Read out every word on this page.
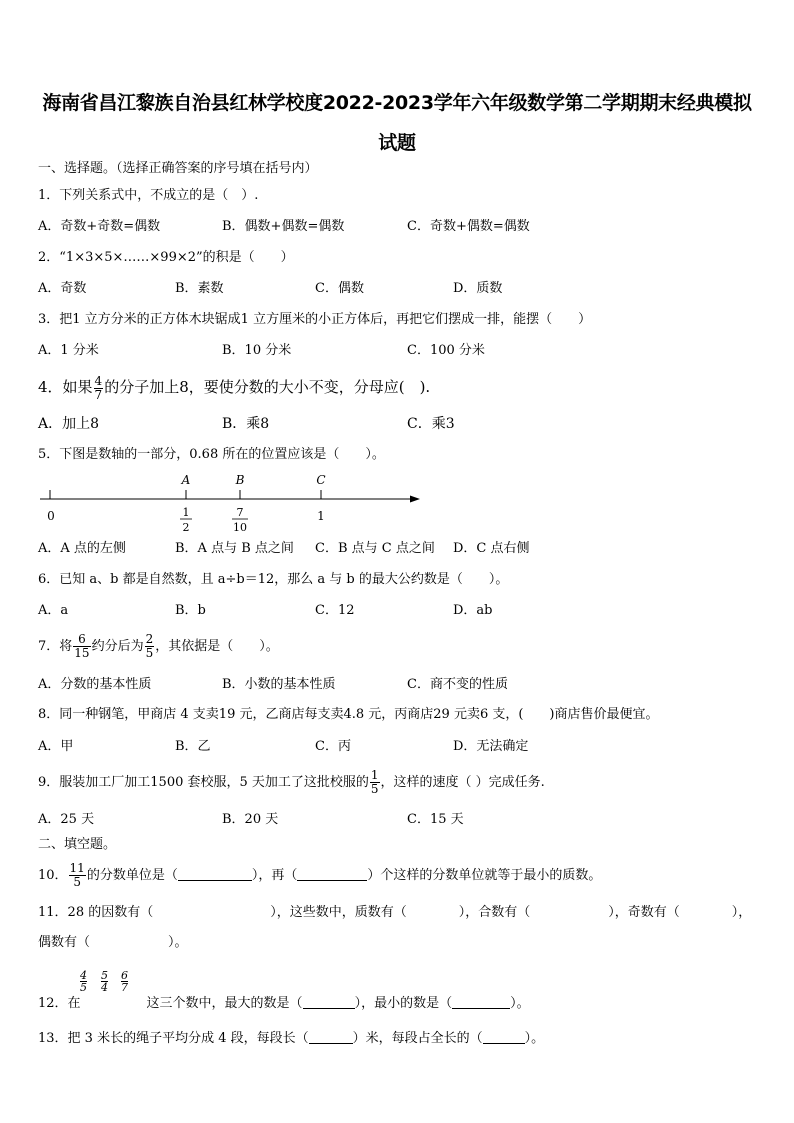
海南省昌江黎族自治县红林学校度2022-2023学年六年级数学第二学期期末经典模拟
试题
一、选择题。（选择正确答案的序号填在括号内）
1．下列关系式中，不成立的是（　）.
A．奇数+奇数=偶数	B．偶数+偶数=偶数	C．奇数+偶数=偶数
2．“1×3×5×……×99×2”的积是（　　）
A．奇数	B．素数	C．偶数	D．质数
3．把1 立方分米的正方体木块锯成1 立方厘米的小正方体后，再把它们摆成一排，能摆（　　）
A．1 分米	B．10 分米	C．100 分米
4．如果 $\frac{4}{7}$ 的分子加上8，要使分数的大小不变，分母应(　).
A．加上8	B．乘8	C．乘3
5．下图是数轴的一部分，0.68 所在的位置应该是（　　）。
A	B	C
0	1
2
7
10
1
A．A 点的左侧	B．A 点与 B 点之间 C．B 点与 C 点之间 D．C 点右侧
6．已知 a、b 都是自然数，且 a÷b＝12，那么 a 与 b 的最大公约数是（　　）。
A．a	B．b	C．12	D．ab
7．将 $\frac{6}{15}$ 约分后为 $\frac{2}{5}$ ，其依据是（　　）。
A．分数的基本性质	B．小数的基本性质	C．商不变的性质
8．同一种钢笔，甲商店 4 支卖19 元，乙商店每支卖4.8 元，丙商店29 元卖6 支，(　　)商店售价最便宜。
A．甲	B．乙	C．丙	D．无法确定
9．服装加工厂加工1500 套校服，5 天加工了这批校服的 $\frac{1}{5}$ ，这样的速度（ ）完成任务.
A．25 天	B．20 天	C．15 天
二、填空题。
10． $\frac{11}{5}$ 的分数单位是（	），再（	）个这样的分数单位就等于最小的质数。
11．28 的因数有（　　　　　　　　　），这些数中，质数有（　　　　），合数有（　　　　　　），奇数有（　　　　），
偶数有（　　　　　　）。
$\frac{4}{5} \frac{5}{4} \frac{6}{7}$
12．在	这三个数中，最大的数是（	），最小的数是（	）。
13．把 3 米长的绳子平均分成 4 段，每段长（	）米，每段占全长的（	）。
